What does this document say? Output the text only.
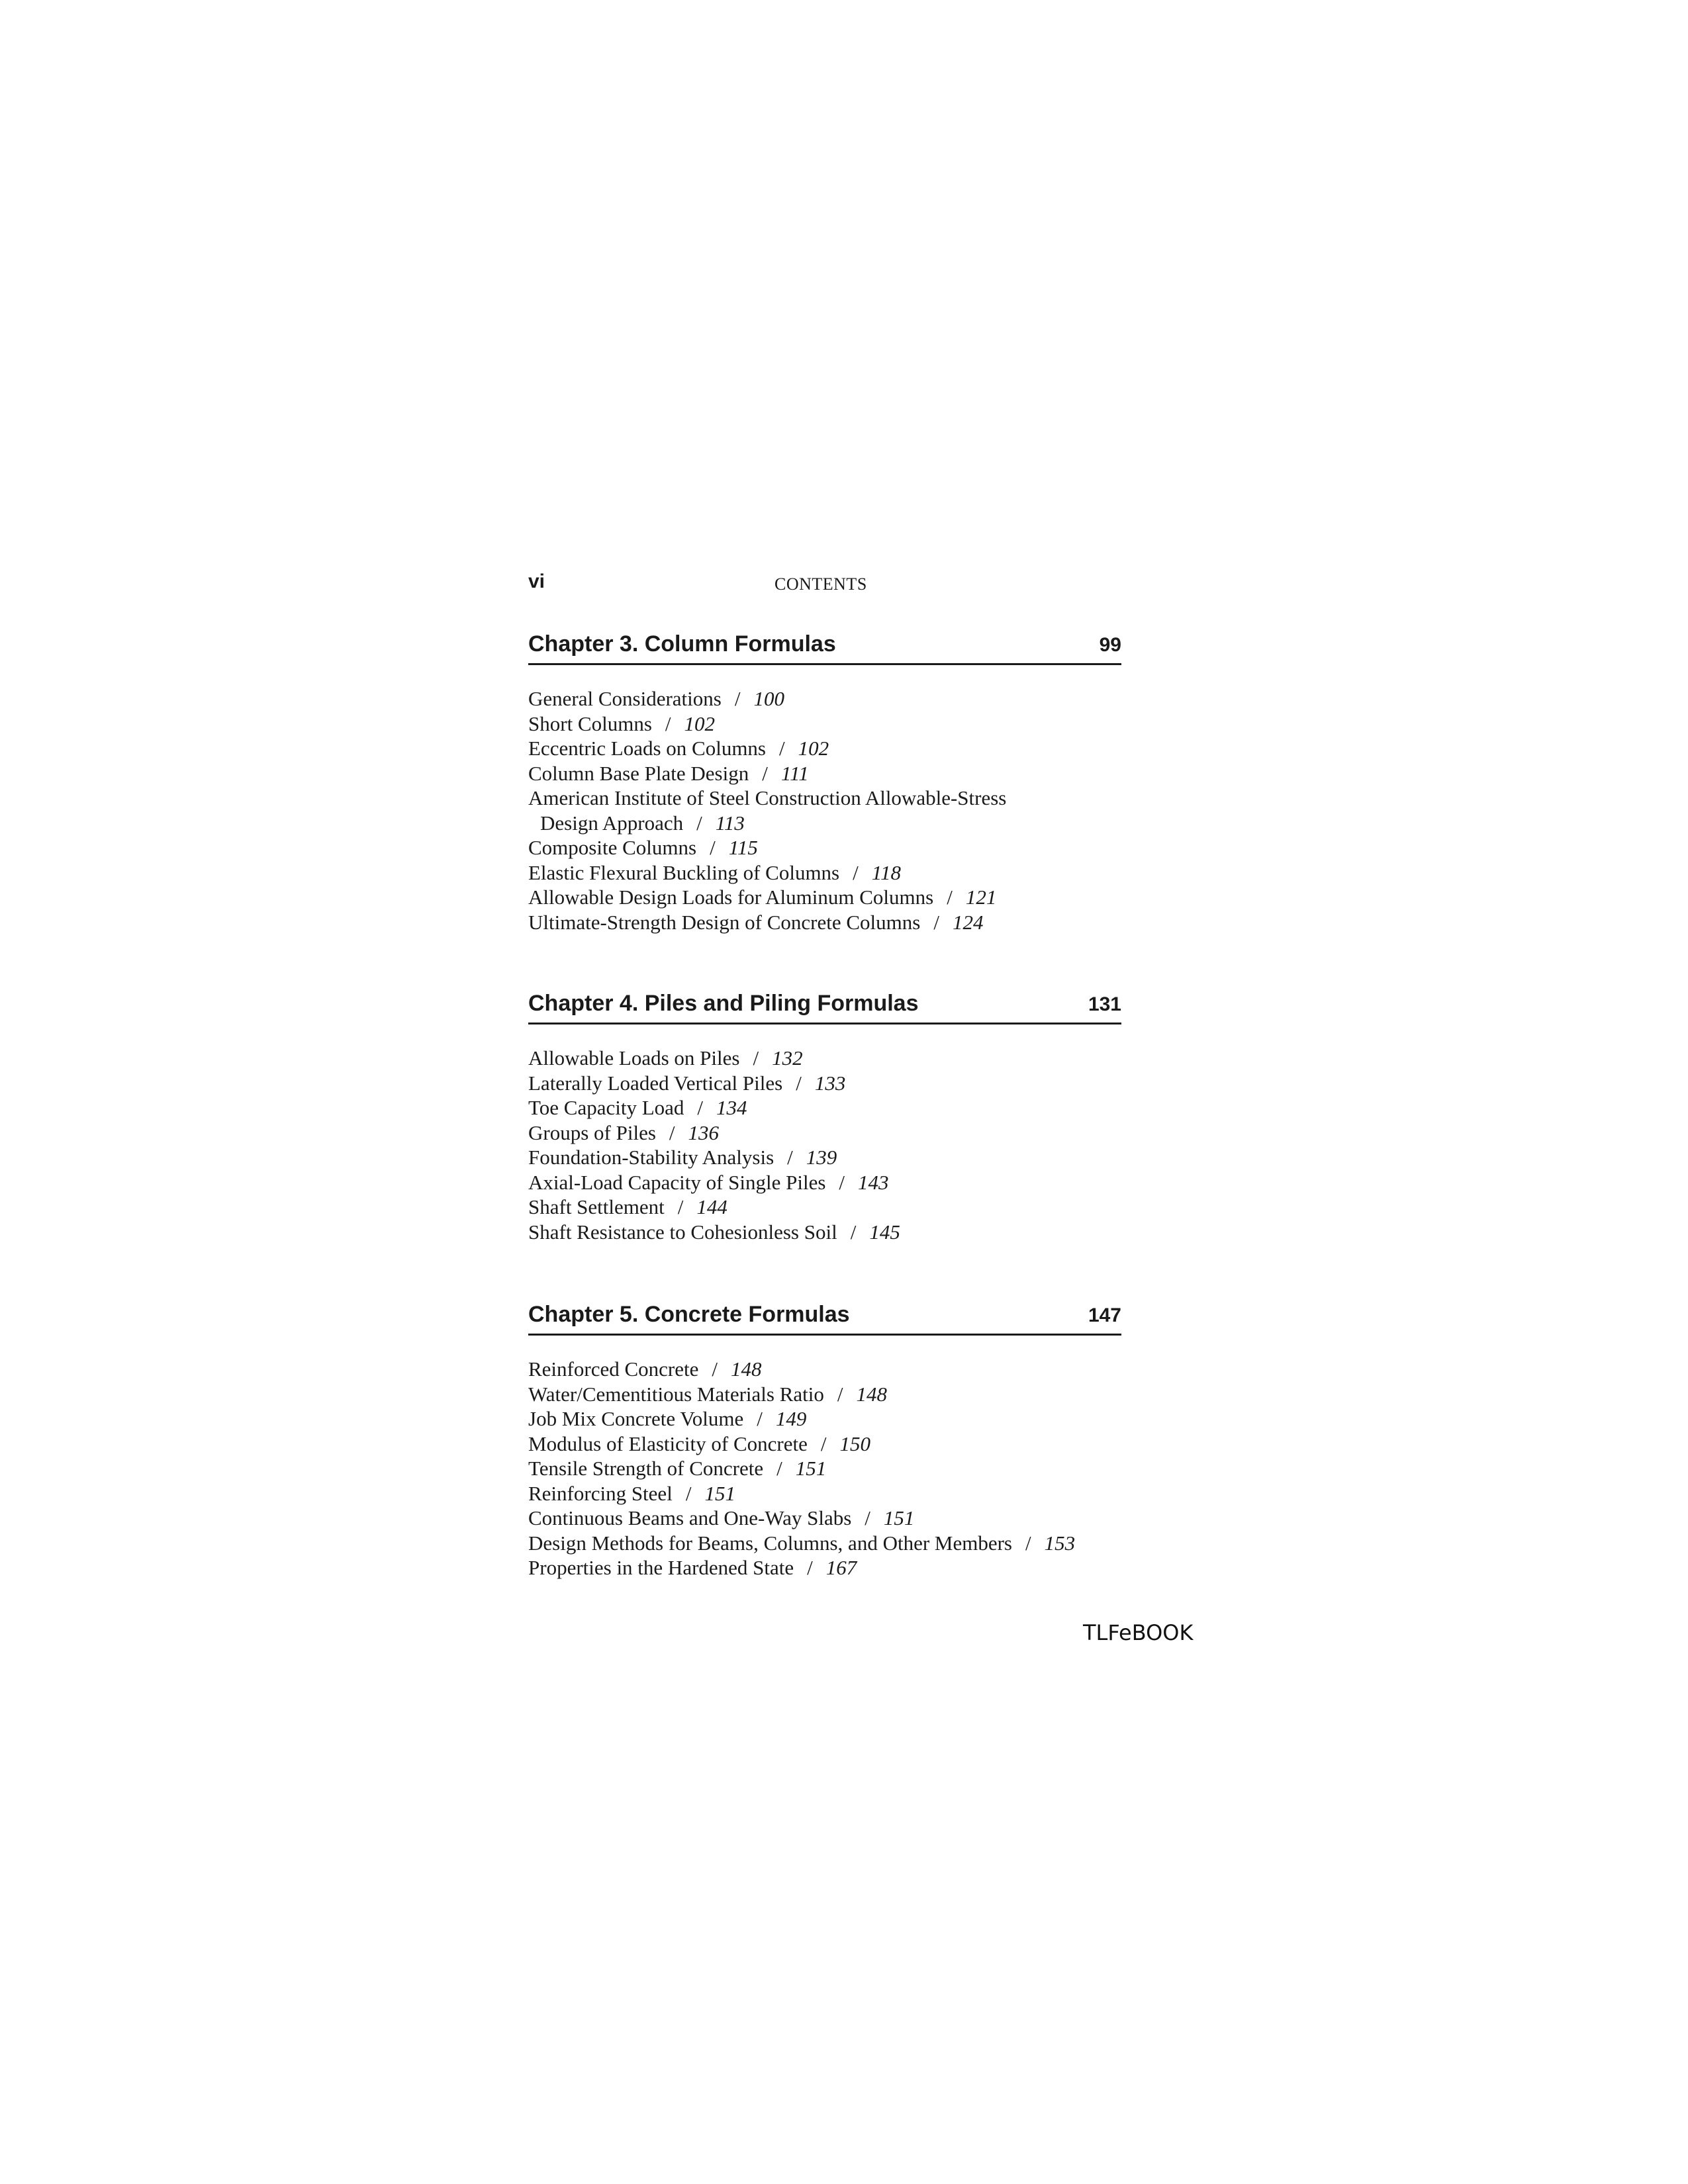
vi	CONTENTS
Chapter 3. Column Formulas	99
General Considerations / 100
Short Columns / 102
Eccentric Loads on Columns / 102
Column Base Plate Design / 111
American Institute of Steel Construction Allowable-Stress
Design Approach / 113
Composite Columns / 115
Elastic Flexural Buckling of Columns / 118
Allowable Design Loads for Aluminum Columns / 121
Ultimate-Strength Design of Concrete Columns / 124
Chapter 4. Piles and Piling Formulas	131
Allowable Loads on Piles / 132
Laterally Loaded Vertical Piles / 133
Toe Capacity Load / 134
Groups of Piles / 136
Foundation-Stability Analysis / 139
Axial-Load Capacity of Single Piles / 143
Shaft Settlement / 144
Shaft Resistance to Cohesionless Soil / 145
Chapter 5. Concrete Formulas	147
Reinforced Concrete / 148
Water/Cementitious Materials Ratio / 148
Job Mix Concrete Volume / 149
Modulus of Elasticity of Concrete / 150
Tensile Strength of Concrete / 151
Reinforcing Steel / 151
Continuous Beams and One-Way Slabs / 151
Design Methods for Beams, Columns, and Other Members / 153
Properties in the Hardened State / 167
TLFeBOOK
